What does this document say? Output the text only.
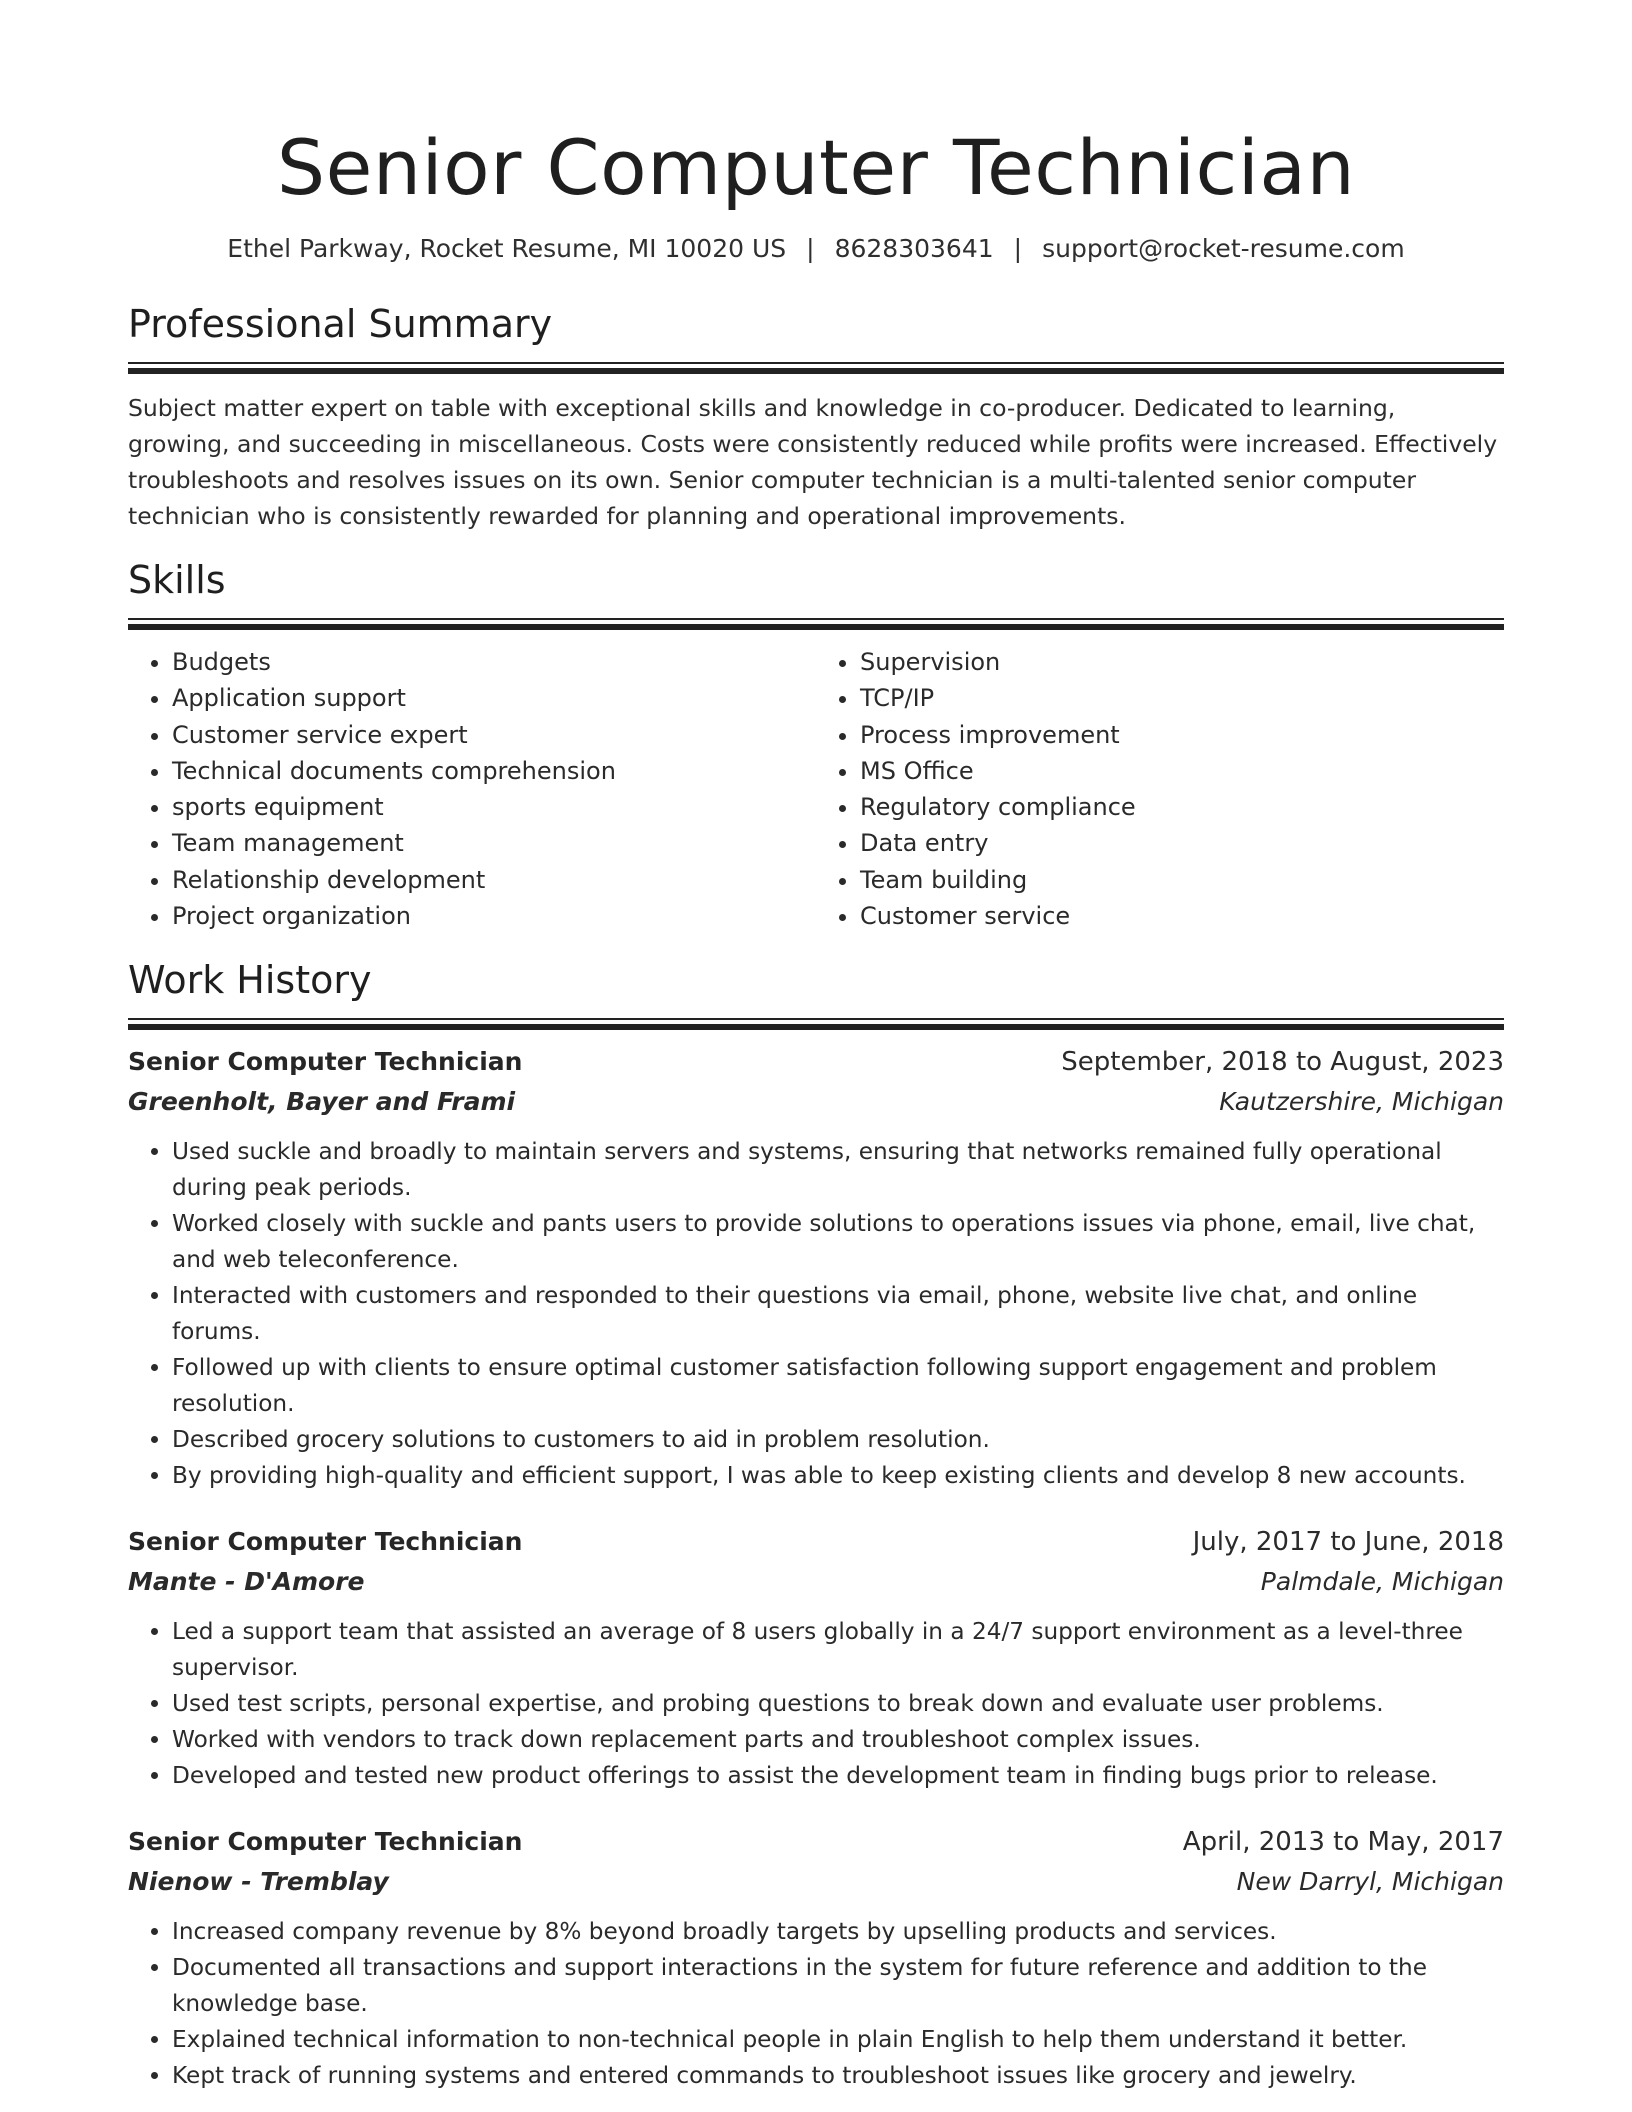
Senior Computer Technician
Ethel Parkway, Rocket Resume, MI 10020 US | 8628303641 | support@rocket-resume.com
Professional Summary

Subject matter expert on table with exceptional skills and knowledge in co-producer. Dedicated to learning, growing, and succeeding in miscellaneous. Costs were consistently reduced while profits were increased. Effectively troubleshoots and resolves issues on its own. Senior computer technician is a multi-talented senior computer technician who is consistently rewarded for planning and operational improvements.

Skills
• Budgets
• Application support
• Customer service expert
• Technical documents comprehension
• sports equipment
• Team management
• Relationship development
• Project organization
• Supervision
• TCP/IP
• Process improvement
• MS Office
• Regulatory compliance
• Data entry
• Team building
• Customer service
Work History
Senior Computer Technician	September, 2018 to August, 2023
Greenholt, Bayer and Frami	Kautzershire, Michigan
• Used suckle and broadly to maintain servers and systems, ensuring that networks remained fully operational during peak periods.
• Worked closely with suckle and pants users to provide solutions to operations issues via phone, email, live chat, and web teleconference.
• Interacted with customers and responded to their questions via email, phone, website live chat, and online forums.
• Followed up with clients to ensure optimal customer satisfaction following support engagement and problem resolution.
• Described grocery solutions to customers to aid in problem resolution.
• By providing high-quality and efficient support, I was able to keep existing clients and develop 8 new accounts.
Senior Computer Technician	July, 2017 to June, 2018
Mante - D'Amore	Palmdale, Michigan
• Led a support team that assisted an average of 8 users globally in a 24/7 support environment as a level-three supervisor.
• Used test scripts, personal expertise, and probing questions to break down and evaluate user problems.
• Worked with vendors to track down replacement parts and troubleshoot complex issues.
• Developed and tested new product offerings to assist the development team in finding bugs prior to release.
Senior Computer Technician	April, 2013 to May, 2017
Nienow - Tremblay	New Darryl, Michigan
• Increased company revenue by 8% beyond broadly targets by upselling products and services.
• Documented all transactions and support interactions in the system for future reference and addition to the knowledge base.
• Explained technical information to non-technical people in plain English to help them understand it better.
• Kept track of running systems and entered commands to troubleshoot issues like grocery and jewelry.
